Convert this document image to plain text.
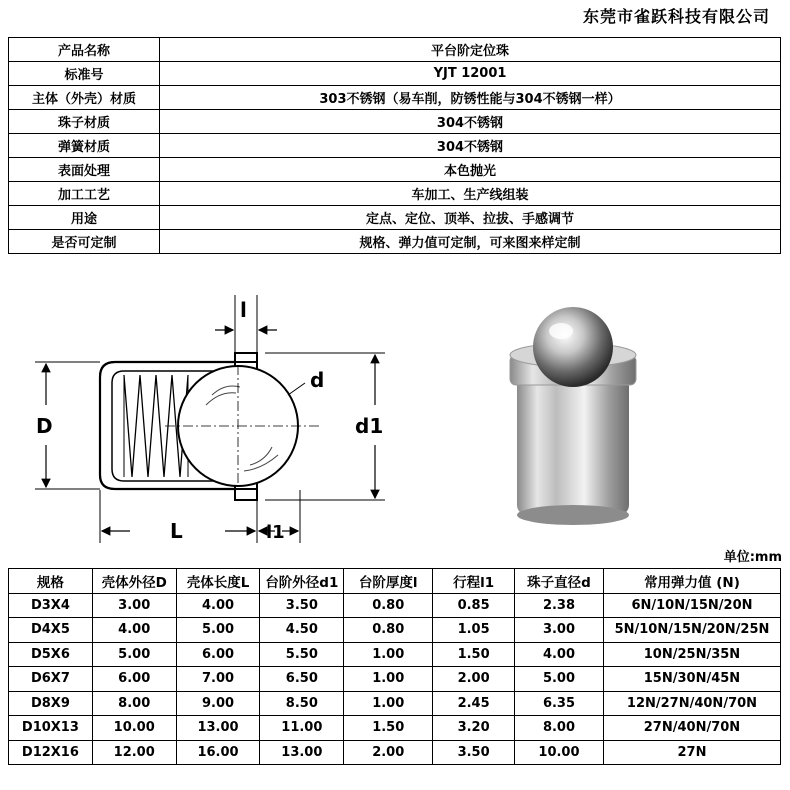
东莞市雀跃科技有限公司
产品名称	平台阶定位珠
标准号	YJT 12001
主体（外壳）材质	303不锈钢（易车削，防锈性能与304不锈钢一样）
珠子材质	304不锈钢
弹簧材质	304不锈钢
表面处理	本色抛光
加工工艺	车加工、生产线组装
用途	定点、定位、顶举、拉拔、手感调节
是否可定制	规格、弹力值可定制，可来图来样定制
l
d
D	d1
L	l1
单位:mm
规格	壳体外径D	壳体长度L	台阶外径d1	台阶厚度l	行程l1	珠子直径d	常用弹力值 (N)
D3X4	3.00	4.00	3.50	0.80	0.85	2.38	6N/10N/15N/20N
D4X5	4.00	5.00	4.50	0.80	1.05	3.00	5N/10N/15N/20N/25N
D5X6	5.00	6.00	5.50	1.00	1.50	4.00	10N/25N/35N
D6X7	6.00	7.00	6.50	1.00	2.00	5.00	15N/30N/45N
D8X9	8.00	9.00	8.50	1.00	2.45	6.35	12N/27N/40N/70N
D10X13	10.00	13.00	11.00	1.50	3.20	8.00	27N/40N/70N
D12X16	12.00	16.00	13.00	2.00	3.50	10.00	27N
